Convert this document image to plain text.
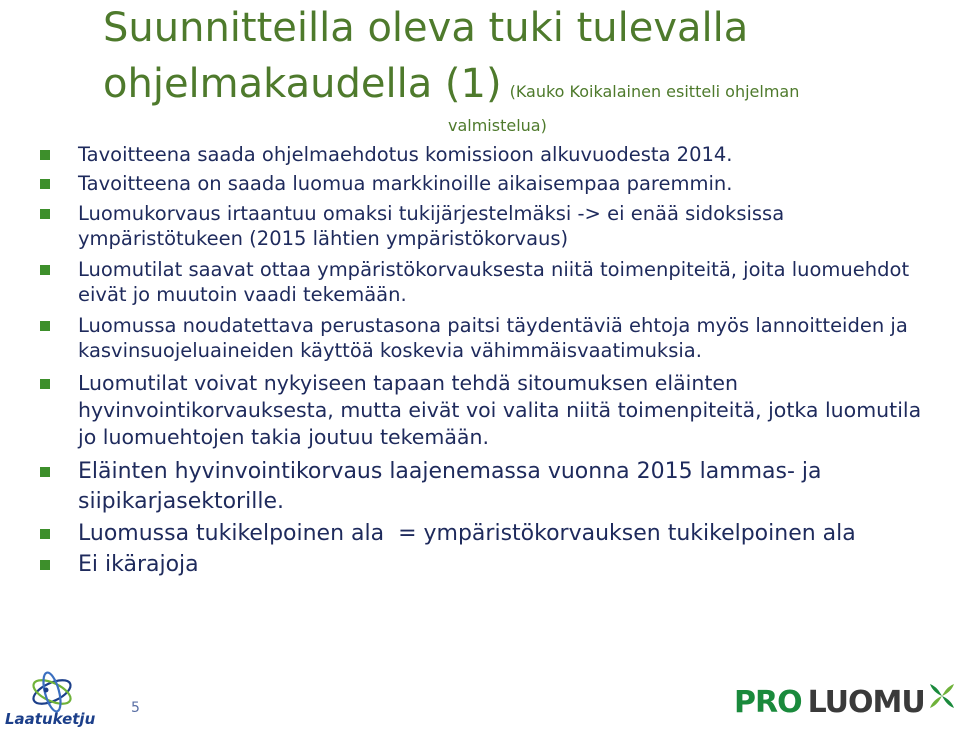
Suunnitteilla oleva tuki tulevalla
ohjelmakaudella (1) (Kauko Koikalainen esitteli ohjelman
valmistelua)
Tavoitteena saada ohjelmaehdotus komissioon alkuvuodesta 2014.
Tavoitteena on saada luomua markkinoille aikaisempaa paremmin.
Luomukorvaus irtaantuu omaksi tukijärjestelmäksi -> ei enää sidoksissa ympäristötukeen (2015 lähtien ympäristökorvaus)
Luomutilat saavat ottaa ympäristökorvauksesta niitä toimenpiteitä, joita luomuehdot eivät jo muutoin vaadi tekemään.
Luomussa noudatettava perustasona paitsi täydentäviä ehtoja myös lannoitteiden ja kasvinsuojeluaineiden käyttöä koskevia vähimmäisvaatimuksia.
Luomutilat voivat nykyiseen tapaan tehdä sitoumuksen eläinten hyvinvointikorvauksesta, mutta eivät voi valita niitä toimenpiteitä, jotka luomutila jo luomuehtojen takia joutuu tekemään.
Eläinten hyvinvointikorvaus laajenemassa vuonna 2015 lammas- ja siipikarjasektorille.
Luomussa tukikelpoinen ala  = ympäristökorvauksen tukikelpoinen ala
Ei ikärajoja
Laatuketju
5	PRO LUOMU
